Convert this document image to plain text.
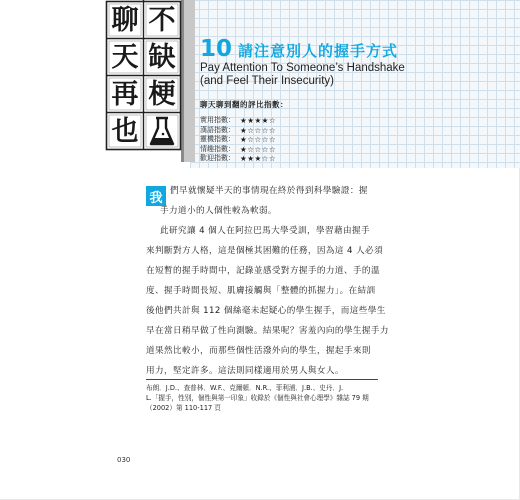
聊 不
天 缺
再 梗
也
10 請注意別人的握手方式
Pay Attention To Someone’s Handshake
(and Feel Their Insecurity)
聊天聊到翻的評比指數：
實用指數： ★★★★☆
漢語指數： ★☆☆☆☆
靈機指數： ★☆☆☆☆
情趣指數： ★☆☆☆☆
歡迎指數： ★★★☆☆
我 們早就懷疑半天的事情現在終於得到科學驗證：握
手力道小的人個性較為軟弱。
此研究讓 4 個人在阿拉巴馬大學受訓，學習藉由握手
來判斷對方人格，這是個極其困難的任務，因為這 4 人必須
在短暫的握手時間中，記錄並感受對方握手的力道、手的溫
度、握手時間長短、肌膚接觸與「整體的抓握力」。在結訓
後他們共計與 112 個絲毫未起疑心的學生握手，而這些學生
早在當日稍早做了性向測驗。結果呢？害羞內向的學生握手力
道果然比較小，而那些個性活潑外向的學生，握起手來則
用力，堅定許多。這法則同樣適用於男人與女人。
布朗．J.D.、查普林．W.F.、克爾頓．N.R.、菲利浦．J.B.、史丹．J.
L.「握手，性別，個性與第一印象」收錄於《個性與社會心理學》雜誌 79 期
（2002）第 110-117 頁
030
